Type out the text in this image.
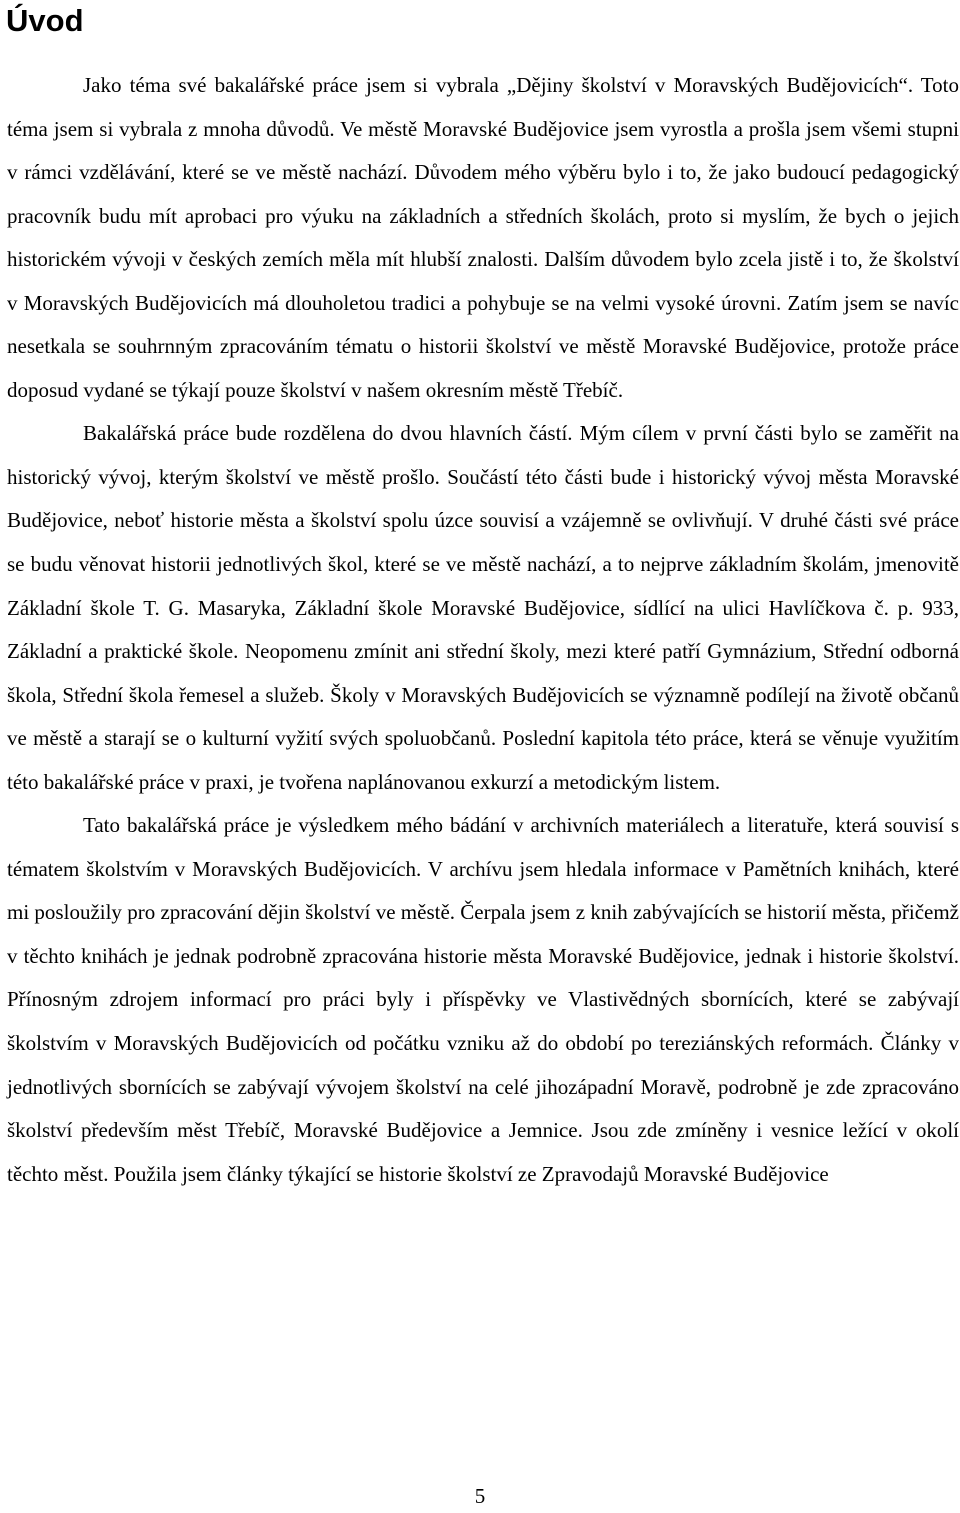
Úvod

Jako téma své bakalářské práce jsem si vybrala „Dějiny školství v Moravských Budějovicích“. Toto téma jsem si vybrala z mnoha důvodů. Ve městě Moravské Budějovice jsem vyrostla a prošla jsem všemi stupni v rámci vzdělávání, které se ve městě nachází. Důvodem mého výběru bylo i to, že jako budoucí pedagogický pracovník budu mít aprobaci pro výuku na základních a středních školách, proto si myslím, že bych o jejich historickém vývoji v českých zemích měla mít hlubší znalosti. Dalším důvodem bylo zcela jistě i to, že školství v Moravských Budějovicích má dlouholetou tradici a pohybuje se na velmi vysoké úrovni. Zatím jsem se navíc nesetkala se souhrnným zpracováním tématu o historii školství ve městě Moravské Budějovice, protože práce doposud vydané se týkají pouze školství v našem okresním městě Třebíč.

Bakalářská práce bude rozdělena do dvou hlavních částí. Mým cílem v první části bylo se zaměřit na historický vývoj, kterým školství ve městě prošlo. Součástí této části bude i historický vývoj města Moravské Budějovice, neboť historie města a školství spolu úzce souvisí a vzájemně se ovlivňují. V druhé části své práce se budu věnovat historii jednotlivých škol, které se ve městě nachází, a to nejprve základním školám, jmenovitě Základní škole T. G. Masaryka, Základní škole Moravské Budějovice, sídlící na ulici Havlíčkova č. p. 933, Základní a praktické škole. Neopomenu zmínit ani střední školy, mezi které patří Gymnázium, Střední odborná škola, Střední škola řemesel a služeb. Školy v Moravských Budějovicích se významně podílejí na životě občanů ve městě a starají se o kulturní vyžití svých spoluobčanů. Poslední kapitola této práce, která se věnuje využitím této bakalářské práce v praxi, je tvořena naplánovanou exkurzí a metodickým listem.

Tato bakalářská práce je výsledkem mého bádání v archivních materiálech a literatuře, která souvisí s tématem školstvím v Moravských Budějovicích. V archívu jsem hledala informace v Pamětních knihách, které mi posloužily pro zpracování dějin školství ve městě. Čerpala jsem z knih zabývajících se historií města, přičemž v těchto knihách je jednak podrobně zpracována historie města Moravské Budějovice, jednak i historie školství. Přínosným zdrojem informací pro práci byly i příspěvky ve Vlastivědných sbornících, které se zabývají školstvím v Moravských Budějovicích od počátku vzniku až do období po tereziánských reformách. Články v jednotlivých sbornících se zabývají vývojem školství na celé jihozápadní Moravě, podrobně je zde zpracováno školství především měst Třebíč, Moravské Budějovice a Jemnice. Jsou zde zmíněny i vesnice ležící v okolí těchto měst. Použila jsem články týkající se historie školství ze Zpravodajů Moravské Budějovice

5
